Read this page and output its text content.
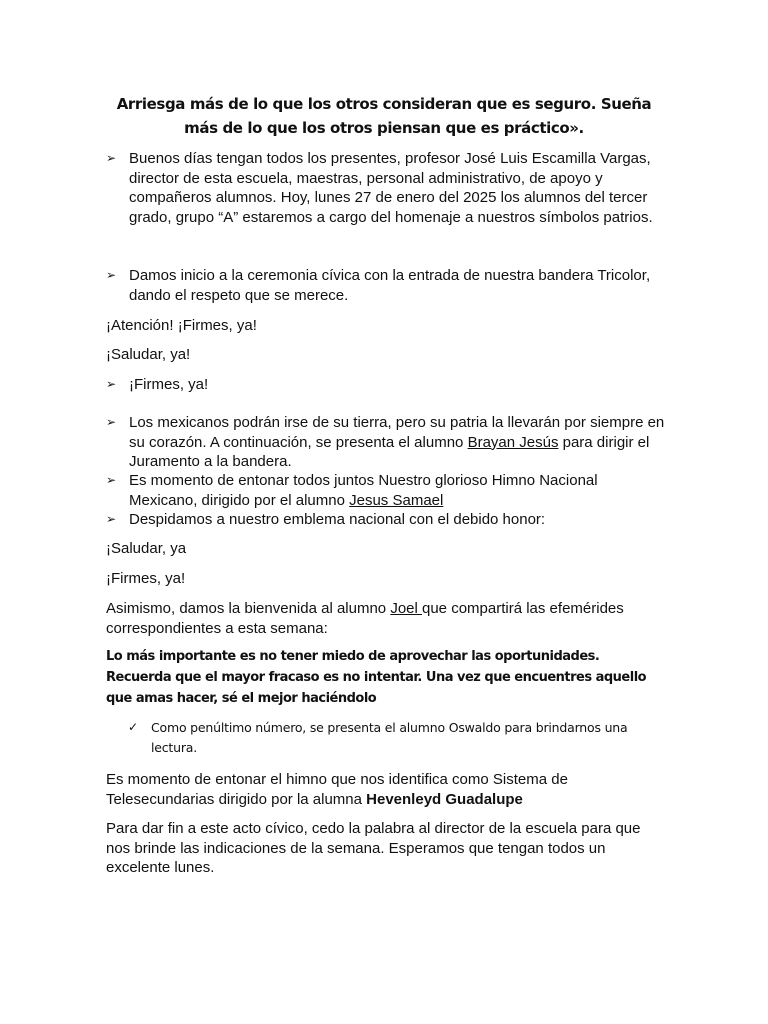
Arriesga más de lo que los otros consideran que es seguro. Sueña más de lo que los otros piensan que es práctico».
➢ Buenos días tengan todos los presentes, profesor José Luis Escamilla Vargas, director de esta escuela, maestras, personal administrativo, de apoyo y compañeros alumnos. Hoy, lunes 27 de enero del 2025 los alumnos del tercer grado, grupo “A” estaremos a cargo del homenaje a nuestros símbolos patrios.
➢ Damos inicio a la ceremonia cívica con la entrada de nuestra bandera Tricolor, dando el respeto que se merece.
¡Atención! ¡Firmes, ya!
¡Saludar, ya!
➢ ¡Firmes, ya!
➢ Los mexicanos podrán irse de su tierra, pero su patria la llevarán por siempre en su corazón. A continuación, se presenta el alumno Brayan Jesús para dirigir el Juramento a la bandera.
➢ Es momento de entonar todos juntos Nuestro glorioso Himno Nacional Mexicano, dirigido por el alumno Jesus Samael
➢ Despidamos a nuestro emblema nacional con el debido honor:
¡Saludar, ya
¡Firmes, ya!
Asimismo, damos la bienvenida al alumno Joel que compartirá las efemérides correspondientes a esta semana:
Lo más importante es no tener miedo de aprovechar las oportunidades. Recuerda que el mayor fracaso es no intentar. Una vez que encuentres aquello que amas hacer, sé el mejor haciéndolo
✓	Como penúltimo número, se presenta el alumno Oswaldo para brindarnos una lectura.
Es momento de entonar el himno que nos identifica como Sistema de Telesecundarias dirigido por la alumna Hevenleyd Guadalupe
Para dar fin a este acto cívico, cedo la palabra al director de la escuela para que nos brinde las indicaciones de la semana. Esperamos que tengan todos un excelente lunes.
